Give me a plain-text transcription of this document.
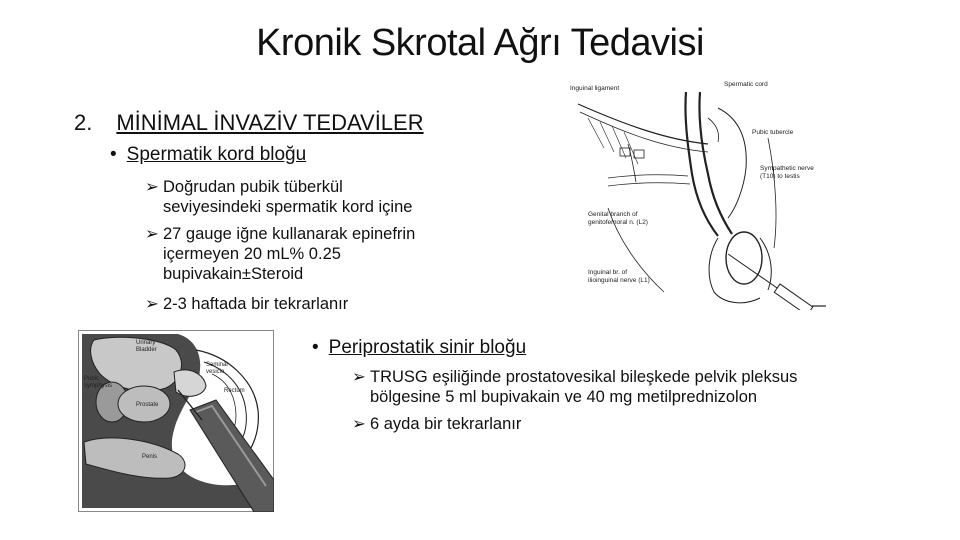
Kronik Skrotal Ağrı Tedavisi
2. MİNİMAL İNVAZİV TEDAVİLER
• Spermatik kord bloğu
➢ Doğrudan pubik tüberkül
seviyesindeki spermatik kord içine
➢ 27 gauge iğne kullanarak epinefrin
içermeyen 20 mL% 0.25
bupivakain±Steroid
➢ 2-3 haftada bir tekrarlanır
• Periprostatik sinir bloğu
➢ TRUSG eşiliğinde prostatovesikal bileşkede pelvik pleksus
bölgesine 5 ml bupivakain ve 40 mg metilprednizolon
➢ 6 ayda bir tekrarlanır
Spermatic cord
Inguinal ligament
Pubic tubercle
Sympathetic nerve
(T10) to testis
Genital branch of
genitofemoral n. (L2)
Inguinal br. of
ilioinguinal nerve (L1)
Urinary
Bladder
Pubic
symphysis
Seminal
vesicle
Prostate
Rectum
Penis
